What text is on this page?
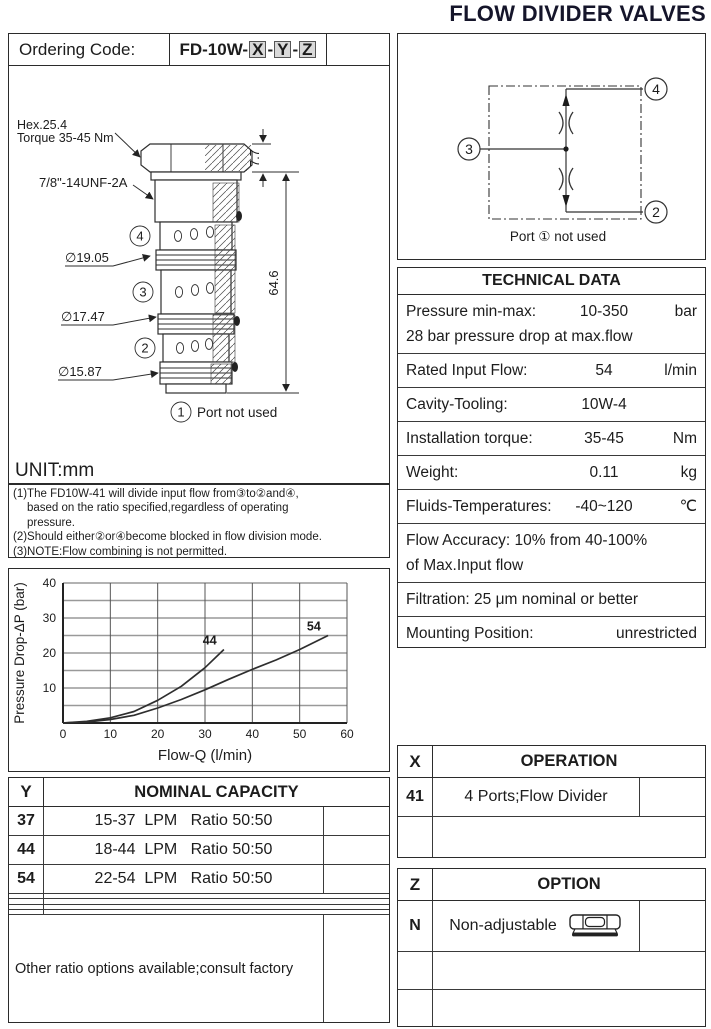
FLOW DIVIDER VALVES
Ordering Code:	FD-10W- X - Y - Z
7.7
64.6
Hex.25.4
Torque 35-45 Nm
7/8"-14UNF-2A
∅19.05
∅17.47
∅15.87
4
3
2
1 Port not used
UNIT:mm
(1)The FD10W-41 will divide input flow from③to②and④,
based on the ratio specified,regardless of operating
pressure.
(2)Should either②or④become blocked in flow division mode.
(3)NOTE:Flow combining is not permitted.
10
20
30
40
0	10	20	30	40	50	60
44
54
Flow-Q (l/min)
Pressure Drop-ΔP (bar)
Y	NOMINAL CAPACITY
37	15-37  LPM   Ratio 50:50
44	18-44  LPM   Ratio 50:50
54	22-54  LPM   Ratio 50:50
Other ratio options available;consult factory
4
2
3
Port ① not used
TECHNICAL DATA
Pressure min-max:	10-350	bar
28 bar pressure drop at max.flow
Rated Input Flow:	54	l/min
Cavity-Tooling:	10W-4
Installation torque:	35-45	Nm
Weight:	0.11	kg
Fluids-Temperatures:	-40~120	℃
Flow Accuracy: 10% from 40-100%
of Max.Input flow
Filtration: 25 μm nominal or better
Mounting Position:	unrestricted
X	OPERATION
41	4 Ports;Flow Divider
Z	OPTION
N	Non-adjustable
